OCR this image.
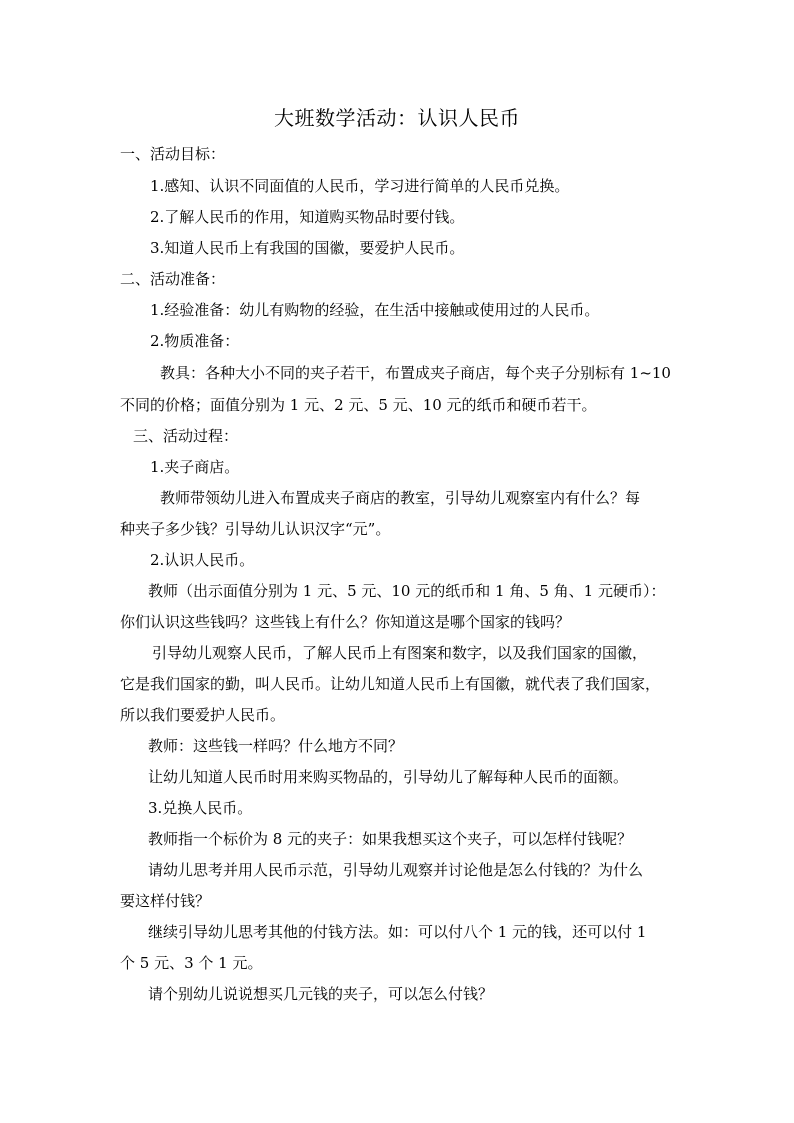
大班数学活动：认识人民币
一、活动目标：
1.感知、认识不同面值的人民币，学习进行简单的人民币兑换。
2.了解人民币的作用，知道购买物品时要付钱。
3.知道人民币上有我国的国徽，要爱护人民币。
二、活动准备：
1.经验准备：幼儿有购物的经验，在生活中接触或使用过的人民币。
2.物质准备：
教具：各种大小不同的夹子若干，布置成夹子商店，每个夹子分别标有 1~10
不同的价格；面值分别为 1 元、2 元、5 元、10 元的纸币和硬币若干。
三、活动过程：
1.夹子商店。
教师带领幼儿进入布置成夹子商店的教室，引导幼儿观察室内有什么？每
种夹子多少钱？引导幼儿认识汉字“元”。
2.认识人民币。
教师（出示面值分别为 1 元、5 元、10 元的纸币和 1 角、5 角、1 元硬币）：
你们认识这些钱吗？这些钱上有什么？你知道这是哪个国家的钱吗？
引导幼儿观察人民币，了解人民币上有图案和数字，以及我们国家的国徽，
它是我们国家的勤，叫人民币。让幼儿知道人民币上有国徽，就代表了我们国家，
所以我们要爱护人民币。
教师：这些钱一样吗？什么地方不同？
让幼儿知道人民币时用来购买物品的，引导幼儿了解每种人民币的面额。
3.兑换人民币。
教师指一个标价为 8 元的夹子：如果我想买这个夹子，可以怎样付钱呢？
请幼儿思考并用人民币示范，引导幼儿观察并讨论他是怎么付钱的？为什么
要这样付钱？
继续引导幼儿思考其他的付钱方法。如：可以付八个 1 元的钱，还可以付 1
个 5 元、3 个 1 元。
请个别幼儿说说想买几元钱的夹子，可以怎么付钱？
